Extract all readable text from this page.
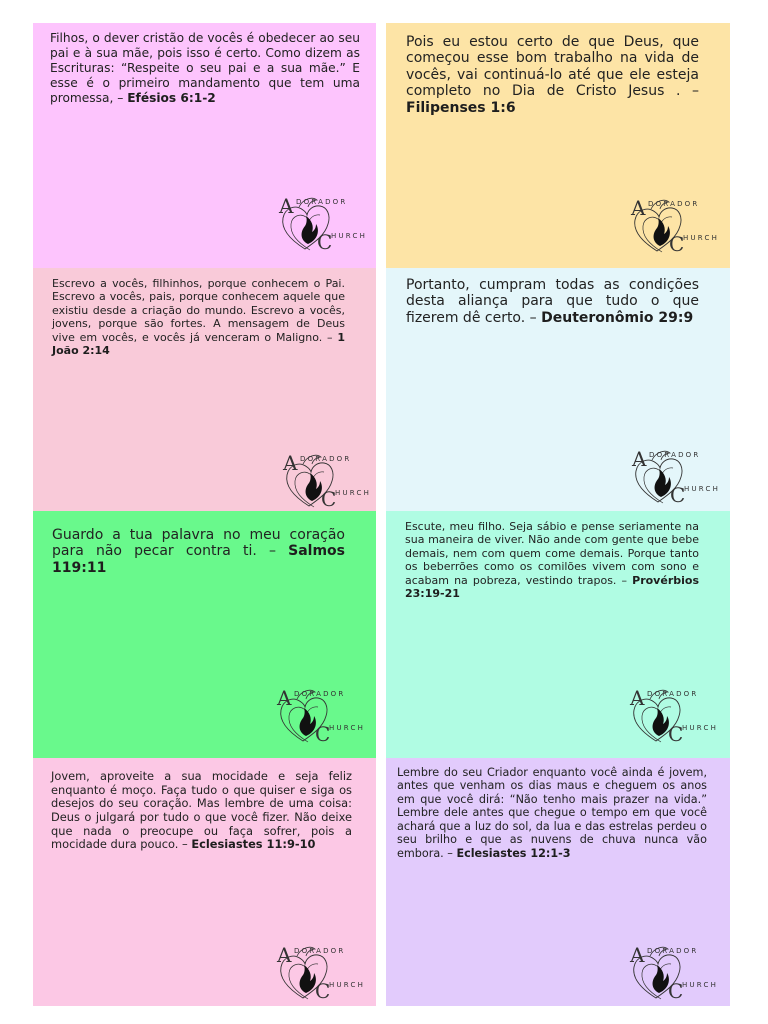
Filhos, o dever cristão de vocês é obedecer ao seu pai e à sua mãe, pois isso é certo. Como dizem as Escrituras: “Respeite o seu pai e a sua mãe.” E esse é o primeiro mandamento que tem uma promessa, – Efésios 6:1-2
A DORADOR
C
HURCH
Pois eu estou certo de que Deus, que começou esse bom trabalho na vida de vocês, vai continuá-lo até que ele esteja completo no Dia de Cristo Jesus . – Filipenses 1:6
A DORADOR
C
HURCH
Escrevo a vocês, filhinhos, porque conhecem o Pai. Escrevo a vocês, pais, porque conhecem aquele que existiu desde a criação do mundo. Escrevo a vocês, jovens, porque são fortes. A mensagem de Deus vive em vocês, e vocês já venceram o Maligno. – 1 João 2:14
A DORADOR
C
HURCH
Portanto, cumpram todas as condições desta aliança para que tudo o que fizerem dê certo. – Deuteronômio 29:9
A DORADOR
C
HURCH
Guardo a tua palavra no meu coração para não pecar contra ti. – Salmos 119:11
A DORADOR
C
HURCH
Escute, meu filho. Seja sábio e pense seriamente na sua maneira de viver. Não ande com gente que bebe demais, nem com quem come demais. Porque tanto os beberrões como os comilões vivem com sono e acabam na pobreza, vestindo trapos. – Provérbios 23:19-21
A DORADOR
C
HURCH
Jovem, aproveite a sua mocidade e seja feliz enquanto é moço. Faça tudo o que quiser e siga os desejos do seu coração. Mas lembre de uma coisa: Deus o julgará por tudo o que você fizer. Não deixe que nada o preocupe ou faça sofrer, pois a mocidade dura pouco. – Eclesiastes 11:9-10
A DORADOR
C
HURCH
Lembre do seu Criador enquanto você ainda é jovem, antes que venham os dias maus e cheguem os anos em que você dirá: “Não tenho mais prazer na vida.” Lembre dele antes que chegue o tempo em que você achará que a luz do sol, da lua e das estrelas perdeu o seu brilho e que as nuvens de chuva nunca vão embora. – Eclesiastes 12:1-3
A DORADOR
C
HURCH
